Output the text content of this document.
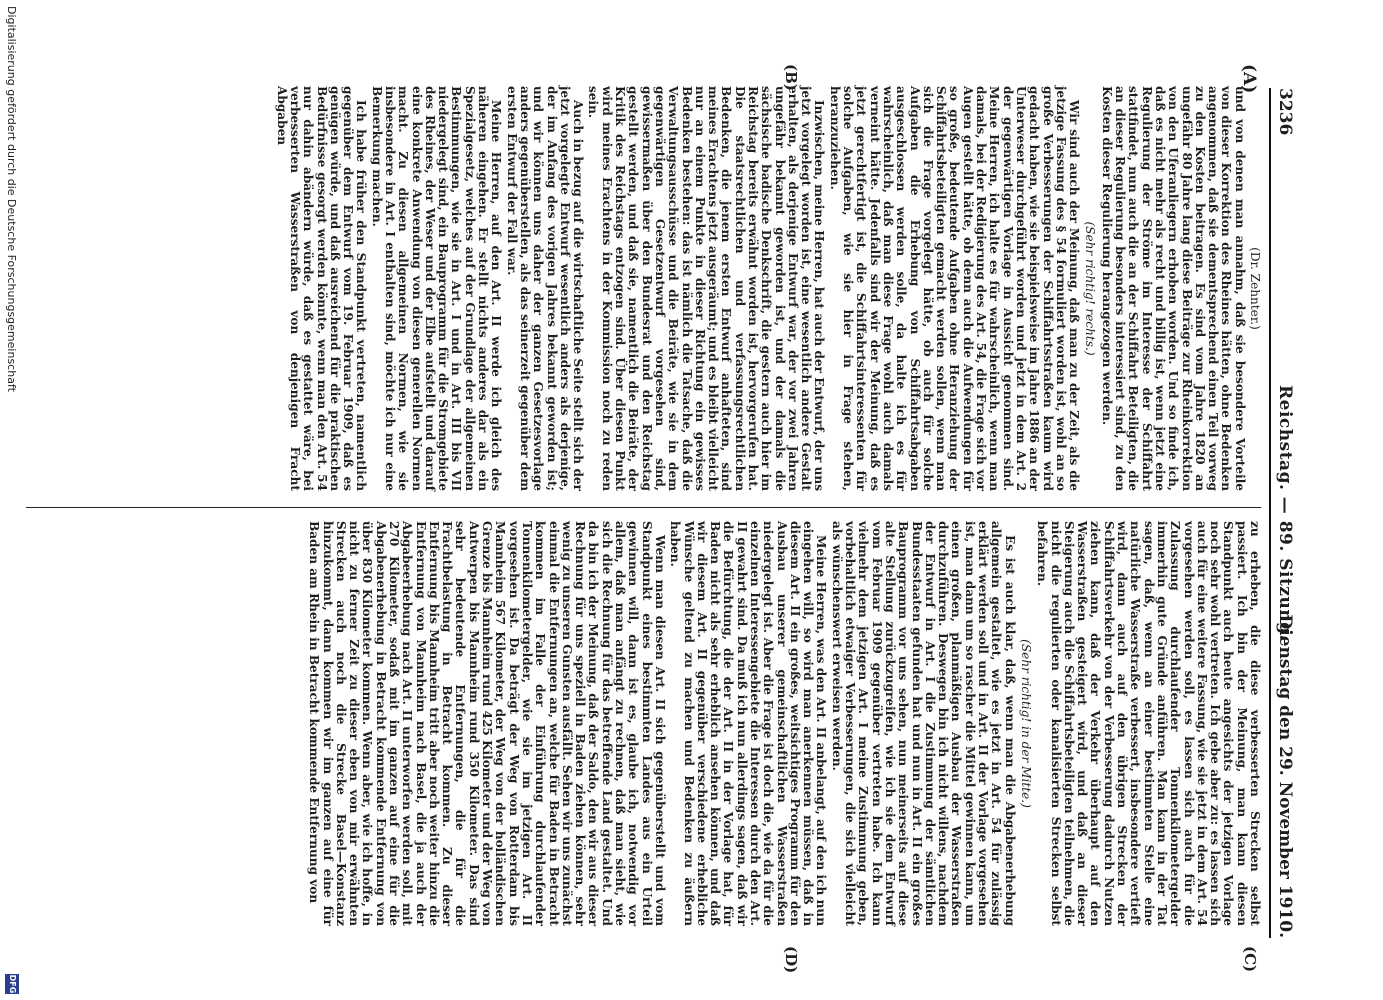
3236
Reichstag. — 89. Sitzung.
Dienstag den 29. November 1910.
(A)
(B)
(C)
(D)

(Dr. Zehnter.)

und von denen man annahm, daß sie besondere Vorteile von dieser Korrektion des Rheines hätten, ohne Bedenken angenommen, daß sie dementsprechend einen Teil vorweg zu den Kosten beitragen. Es sind vom Jahre 1820 an ungefähr 80 Jahre lang diese Beiträge zur Rheinkorrektion von den Uferanliegern erhoben worden. Und so finde ich, daß es nicht mehr als recht und billig ist, wenn jetzt eine Regulierung der Ströme im Interesse der Schiffahrt stattfindet, nun auch die an der Schiffahrt Beteiligten, die an dieser Regulierung besonders interessiert sind, zu den Kosten dieser Regulierung herangezogen werden.

(Sehr richtig! rechts.)

Wir sind auch der Meinung, daß man zu der Zeit, als die jetzige Fassung des § 54 formuliert worden ist, wohl an so große Verbesserungen der Schiffahrtsstraßen kaum wird gedacht haben, wie sie beispielsweise im Jahre 1886 an der Unterweser durchgeführt worden und jetzt in dem Art. 2 der gegenwärtigen Vorlage in Aussicht genommen sind. Meine Herren, ich halte es für wahrscheinlich, wenn man damals, bei der Redigierung des Art. 54, die Frage sich vor Augen gestellt hätte, ob denn auch die Aufwendungen für so große, bedeutende Aufgaben ohne Heranziehung der Schiffahrtsbeteiligten gemacht werden sollen, wenn man sich die Frage vorgelegt hätte, ob auch für solche Aufgaben die Erhebung von Schiffahrtsabgaben ausgeschlossen werden solle, da halte ich es für wahrscheinlich, daß man diese Frage wohl auch damals verneint hätte. Jedenfalls sind wir der Meinung, daß es jetzt gerechtfertigt ist, die Schiffahrtsinteressenten für solche Aufgaben, wie sie hier in Frage stehen, heranzuziehen.

Inzwischen, meine Herren, hat auch der Entwurf, der uns jetzt vorgelegt worden ist, eine wesentlich andere Gestalt erhalten, als derjenige Entwurf war, der vor zwei Jahren ungefähr bekannt geworden ist, und der damals die sächsische badische Denkschrift, die gestern auch hier im Reichstag bereits erwähnt worden ist, hervorgerufen hat. Die staatsrechtlichen und verfassungsrechtlichen Bedenken, die jenem ersten Entwurf anhafteten, sind meines Erachtens jetzt ausgeräumt; und es bleibt vielleicht nur an einem Punkte in dieser Richtung ein gewisses Bedenken bestehen: das ist nämlich die Tatsache, daß die Verwaltungsausschüsse und die Beiräte, wie sie in dem gegenwärtigen Gesetzentwurf vorgesehen sind, gewissermaßen über den Bundesrat und den Reichstag gestellt werden, und daß sie, namentlich die Beiräte, der Kritik des Reichstags entzogen sind. Über diesen Punkt wird meines Erachtens in der Kommission noch zu reden sein.

Auch in bezug auf die wirtschaftliche Seite stellt sich der jetzt vorgelegte Entwurf wesentlich anders als derjenige, der im Anfang des vorigen Jahres bekannt geworden ist; und wir können uns daher der ganzen Gesetzesvorlage anders gegenüberstellen, als das seinerzeit gegenüber dem ersten Entwurf der Fall war.

Meine Herren, auf den Art. II werde ich gleich des näheren eingehen. Er stellt nichts anderes dar als ein Spezialgesetz, welches auf der Grundlage der allgemeinen Bestimmungen, wie sie in Art. I und in Art. III bis VII niedergelegt sind, ein Bauprogramm für die Stromgebiete des Rheines, der Weser und der Elbe aufstellt und darauf eine konkrete Anwendung von diesen generellen Normen macht. Zu diesen allgemeinen Normen, wie sie insbesondere in Art. I enthalten sind, möchte ich nur eine Bemerkung machen.

Ich habe früher den Standpunkt vertreten, namentlich gegenüber dem Entwurf vom 19. Februar 1909, daß es genügen würde, und daß ausreichend für die praktischen Bedürfnisse gesorgt werden könnte, wenn man den Art. 54 nur dahin abändern würde, daß es gestattet wäre, bei verbesserten Wasserstraßen von denjenigen Fracht Abgaben

zu erheben, die diese verbesserten Strecken selbst passiert. Ich bin der Meinung, man kann diesen Standpunkt auch heute angesichts der jetzigen Vorlage noch sehr wohl vertreten. Ich gebe aber zu: es lassen sich auch für eine weitere Fassung, wie sie jetzt in dem Art. 54 vorgesehen werden soll, es lassen sich auch für die Zulassung durchlaufender Tonnenkilometergelder immerhin gute Gründe anführen. Man kann in der Tat sagen, daß, wenn an einer bestimmten Stelle eine natürliche Wasserstraße verbessert, insbesondere vertieft wird, dann auch auf den übrigen Strecken der Schiffahrtsverkehr von der Verbesserung dadurch Nutzen ziehen kann, daß der Verkehr überhaupt auf den Wasserstraßen gesteigert wird, und daß an dieser Steigerung auch die Schiffahrtsbeteiligten teilnehmen, die nicht die regulierten oder kanalisierten Strecken selbst befahren.

(Sehr richtig! in der Mitte.)

Es ist auch klar, daß, wenn man die Abgabenerhebung allgemein gestaltet, wie es jetzt in Art. 54 für zulässig erklärt werden soll und in Art. II der Vorlage vorgesehen ist, man dann um so rascher die Mittel gewinnen kann, um einen großen, planmäßigen Ausbau der Wasserstraßen durchzuführen. Deswegen bin ich nicht willens, nachdem der Entwurf in Art. I die Zustimmung der sämtlichen Bundesstaaten gefunden hat und nun in Art. II ein großes Bauprogramm vor uns sehen, nun meinerseits auf diese alte Stellung zurückzugreifen, wie ich sie dem Entwurf vom Februar 1909 gegenüber vertreten habe. Ich kann vielmehr dem jetzigen Art. I meine Zustimmung geben, vorbehaltlich etwaiger Verbesserungen, die sich vielleicht als wünschenswert erweisen werden.

Meine Herren, was den Art. II anbelangt, auf den ich nun eingehen will, so wird man anerkennen müssen, daß in diesem Art. II ein großes, weitsichtiges Programm für den Ausbau unserer gemeinschaftlichen Wasserstraßen niedergelegt ist. Aber die Frage ist doch die, wie da für die einzelnen Interessengebiete die Interessen durch den Art. II gewahrt sind. Da muß ich nun allerdings sagen, daß wir die Befürchtung, die der Art. II in der Vorlage hat, für Baden nicht als sehr erheblich ansehen können, und daß wir diesem Art. II gegenüber verschiedene erhebliche Wünsche geltend zu machen und Bedenken zu äußern haben.

Wenn man diesen Art. II sich gegenüberstellt und vom Standpunkt eines bestimmten Landes aus ein Urteil gewinnen will, dann ist es, glaube ich, notwendig vor allem, daß man anfängt zu rechnen, daß man sieht, wie sich die Rechnung für das betreffende Land gestaltet. Und da bin ich der Meinung, daß der Saldo, den wir aus dieser Rechnung für uns speziell in Baden ziehen können, sehr wenig zu unseren Gunsten ausfällt. Sehen wir uns zunächst einmal die Entfernungen an, welche für Baden in Betracht kommen im Falle der Einführung durchlaufender Tonnenkilometergelder, wie sie im jetzigen Art. II vorgesehen ist. Da beträgt der Weg von Rotterdam bis Mannheim 567 Kilometer, der Weg von der holländischen Grenze bis Mannheim rund 425 Kilometer und der Weg von Antwerpen bis Mannheim rund 350 Kilometer. Das sind sehr bedeutende Entfernungen, die für die Frachtbelastung in Betracht kommen. Zu dieser Entfernung bis Mannheim tritt aber noch weiter hinzu die Entfernung von Mannheim nach Basel, die ja auch der Abgabeerhebung nach Art. II unterworfen werden soll, mit 270 Kilometer, sodaß mit im ganzen auf eine für die Abgabenerhebung in Betracht kommende Entfernung von über 830 Kilometer kommen. Wenn aber, wie ich hoffe, in nicht zu ferner Zeit zu dieser eben von mir erwähnten Strecken auch noch die Strecke Basel—Konstanz hinzukommt, dann kommen wir im ganzen auf eine für Baden am Rhein in Betracht kommende Entfernung von

Digitalisierung gefördert durch die Deutsche Forschungsgemeinschaft
DFG
